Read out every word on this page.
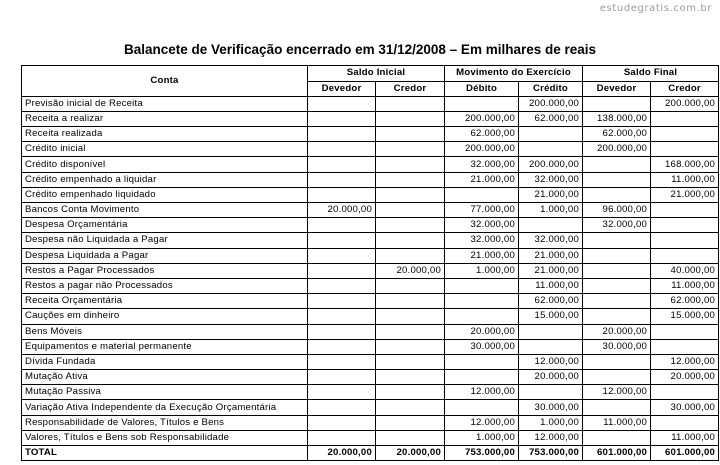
estudegratis.com.br
Balancete de Verificação encerrado em 31/12/2008 – Em milhares de reais
Conta	Saldo Inicial		Movimento do Exercício		Saldo Final	
	Devedor	Credor	Débito	Crédito	Devedor	Credor
Previsão inicial de Receita				200.000,00		200.000,00
Receita a realizar			200.000,00	62.000,00	138.000,00	
Receita realizada			62.000,00		62.000,00	
Crédito inicial			200.000,00		200.000,00	
Crédito disponível			32.000,00	200.000,00		168.000,00
Crédito empenhado a liquidar			21.000,00	32.000,00		11.000,00
Crédito empenhado liquidado				21.000,00		21.000,00
Bancos Conta Movimento	20.000,00		77.000,00	1.000,00	96.000,00	
Despesa Orçamentária			32.000,00		32.000,00	
Despesa não Liquidada a Pagar			32.000,00	32.000,00		
Despesa Liquidada a Pagar			21.000,00	21.000,00		
Restos a Pagar Processados		20.000,00	1.000,00	21.000,00		40.000,00
Restos a pagar não Processados				11.000,00		11.000,00
Receita Orçamentária				62.000,00		62.000,00
Cauções em dinheiro				15.000,00		15.000,00
Bens Móveis			20.000,00		20.000,00	
Equipamentos e material permanente			30.000,00		30.000,00	
Dívida Fundada				12.000,00		12.000,00
Mutação Ativa				20.000,00		20.000,00
Mutação Passiva			12.000,00		12.000,00	
Variação Ativa Independente da Execução Orçamentária				30.000,00		30.000,00
Responsabilidade de Valores, Títulos e Bens			12.000,00	1.000,00	11.000,00	
Valores, Títulos e Bens sob Responsabilidade			1.000,00	12.000,00		11.000,00
TOTAL	20.000,00	20.000,00	753.000,00	753.000,00	601.000,00	601.000,00
